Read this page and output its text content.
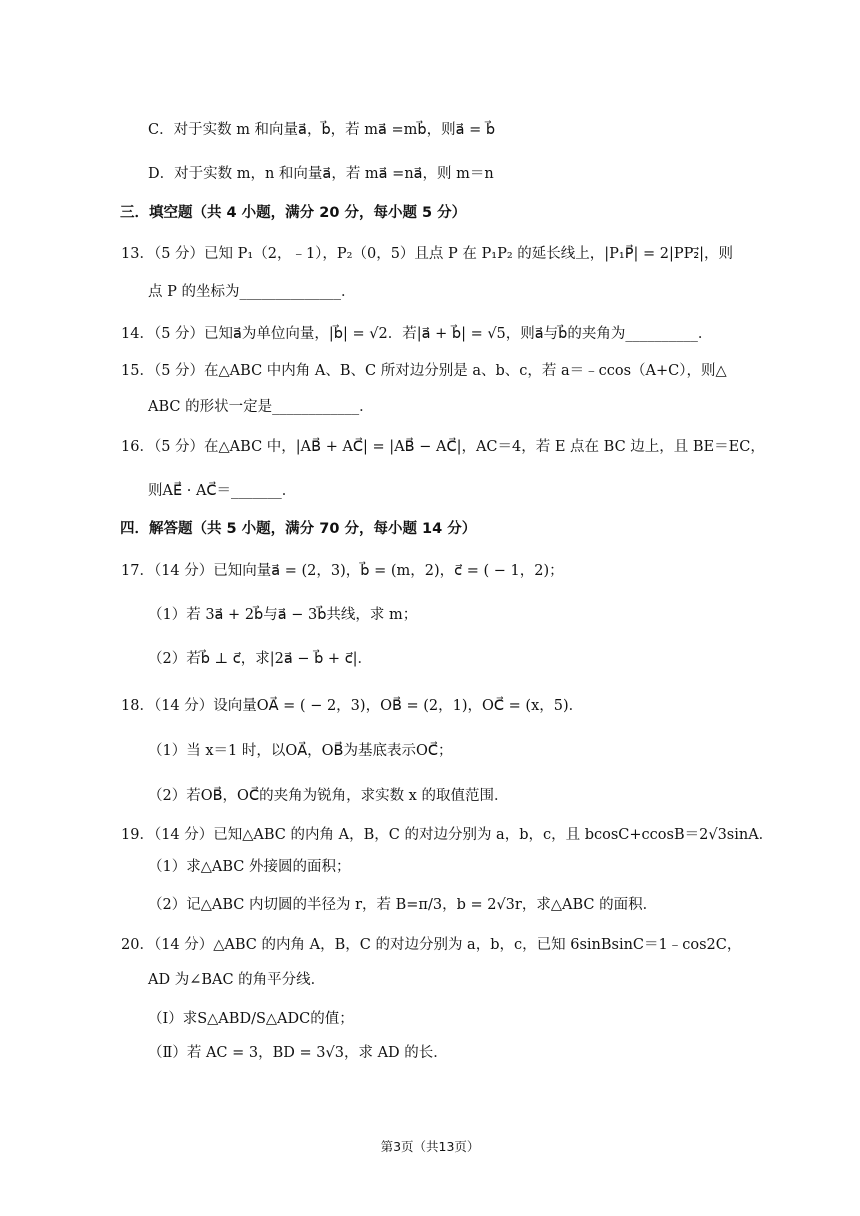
C．对于实数 m 和向量a⃗，b⃗，若 ma⃗ =mb⃗，则a⃗ = b⃗
D．对于实数 m，n 和向量a⃗，若 ma⃗ =na⃗，则 m＝n
三．填空题（共 4 小题，满分 20 分，每小题 5 分）
13．（5 分）已知 P₁（2，﹣1），P₂（0，5）且点 P 在 P₁P₂ 的延长线上，|P₁P⃗| = 2|PP₂⃗|，则
点 P 的坐标为______________．
14．（5 分）已知a⃗为单位向量，|b⃗| = √2．若|a⃗ + b⃗| = √5，则a⃗与b⃗的夹角为__________．
15．（5 分）在△ABC 中内角 A、B、C 所对边分别是 a、b、c，若 a＝﹣ccos（A+C），则△
ABC 的形状一定是____________．
16．（5 分）在△ABC 中，|AB⃗ + AC⃗| = |AB⃗ − AC⃗|，AC＝4，若 E 点在 BC 边上，且 BE＝EC，
则AE⃗ · AC⃗＝_______．
四．解答题（共 5 小题，满分 70 分，每小题 14 分）
17．（14 分）已知向量a⃗ = (2，3)，b⃗ = (m，2)，c⃗ = ( − 1，2)；
（1）若 3a⃗ + 2b⃗与a⃗ − 3b⃗共线，求 m；
（2）若b⃗ ⊥ c⃗，求|2a⃗ − b⃗ + c⃗|．
18．（14 分）设向量OA⃗ = ( − 2，3)，OB⃗ = (2，1)，OC⃗ = (x，5)．
（1）当 x＝1 时，以OA⃗，OB⃗为基底表示OC⃗；
（2）若OB⃗，OC⃗的夹角为锐角，求实数 x 的取值范围．
19．（14 分）已知△ABC 的内角 A，B，C 的对边分别为 a，b，c，且 bcosC+ccosB＝2√3sinA．
（1）求△ABC 外接圆的面积；
（2）记△ABC 内切圆的半径为 r，若 B=π/3，b = 2√3r，求△ABC 的面积．
20．（14 分）△ABC 的内角 A，B，C 的对边分别为 a，b，c，已知 6sinBsinC＝1﹣cos2C，
AD 为∠BAC 的角平分线．
（Ⅰ）求S△ABD/S△ADC的值；
（Ⅱ）若 AC = 3，BD = 3√3，求 AD 的长．
第3页（共13页）
